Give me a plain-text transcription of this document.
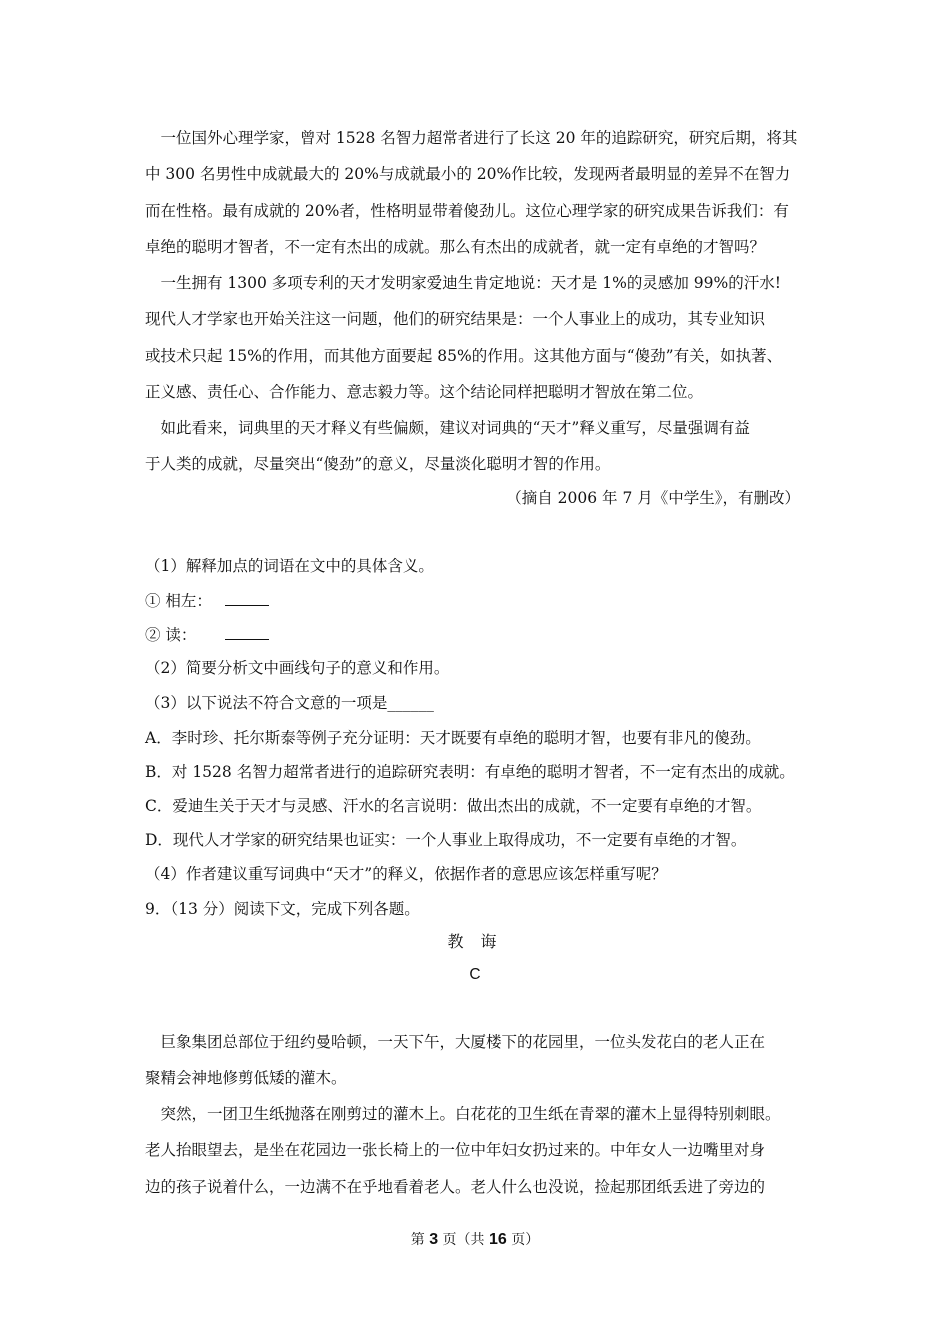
　一位国外心理学家，曾对 1528 名智力超常者进行了长这 20 年的追踪研究，研究后期，将其
中 300 名男性中成就最大的 20%与成就最小的 20%作比较，发现两者最明显的差异不在智力
而在性格。最有成就的 20%者，性格明显带着傻劲儿。这位心理学家的研究成果告诉我们：有
卓绝的聪明才智者，不一定有杰出的成就。那么有杰出的成就者，就一定有卓绝的才智吗？
　一生拥有 1300 多项专利的天才发明家爱迪生肯定地说：天才是 1%的灵感加 99%的汗水!
现代人才学家也开始关注这一问题，他们的研究结果是：一个人事业上的成功，其专业知识
或技术只起 15%的作用，而其他方面要起 85%的作用。这其他方面与“傻劲”有关，如执著、
正义感、责任心、合作能力、意志毅力等。这个结论同样把聪明才智放在第二位。
　如此看来，词典里的天才释义有些偏颇，建议对词典的“天才”释义重写，尽量强调有益
于人类的成就，尽量突出“傻劲”的意义，尽量淡化聪明才智的作用。
（摘自 2006 年 7 月《中学生》，有删改）
（1）解释加点的词语在文中的具体含义。
① 相左：
② 读：
（2）简要分析文中画线句子的意义和作用。
（3）以下说法不符合文意的一项是______
A．李时珍、托尔斯泰等例子充分证明：天才既要有卓绝的聪明才智，也要有非凡的傻劲。
B．对 1528 名智力超常者进行的追踪研究表明：有卓绝的聪明才智者，不一定有杰出的成就。
C．爱迪生关于天才与灵感、汗水的名言说明：做出杰出的成就，不一定要有卓绝的才智。
D．现代人才学家的研究结果也证实：一个人事业上取得成功，不一定要有卓绝的才智。
（4）作者建议重写词典中“天才”的释义，依据作者的意思应该怎样重写呢？
9．（13 分）阅读下文，完成下列各题。
教 诲
C
　巨象集团总部位于纽约曼哈顿，一天下午，大厦楼下的花园里，一位头发花白的老人正在
聚精会神地修剪低矮的灌木。
　突然，一团卫生纸抛落在刚剪过的灌木上。白花花的卫生纸在青翠的灌木上显得特别刺眼。
老人抬眼望去，是坐在花园边一张长椅上的一位中年妇女扔过来的。中年女人一边嘴里对身
边的孩子说着什么，一边满不在乎地看着老人。老人什么也没说，捡起那团纸丢进了旁边的
第 3 页（共 16 页）
